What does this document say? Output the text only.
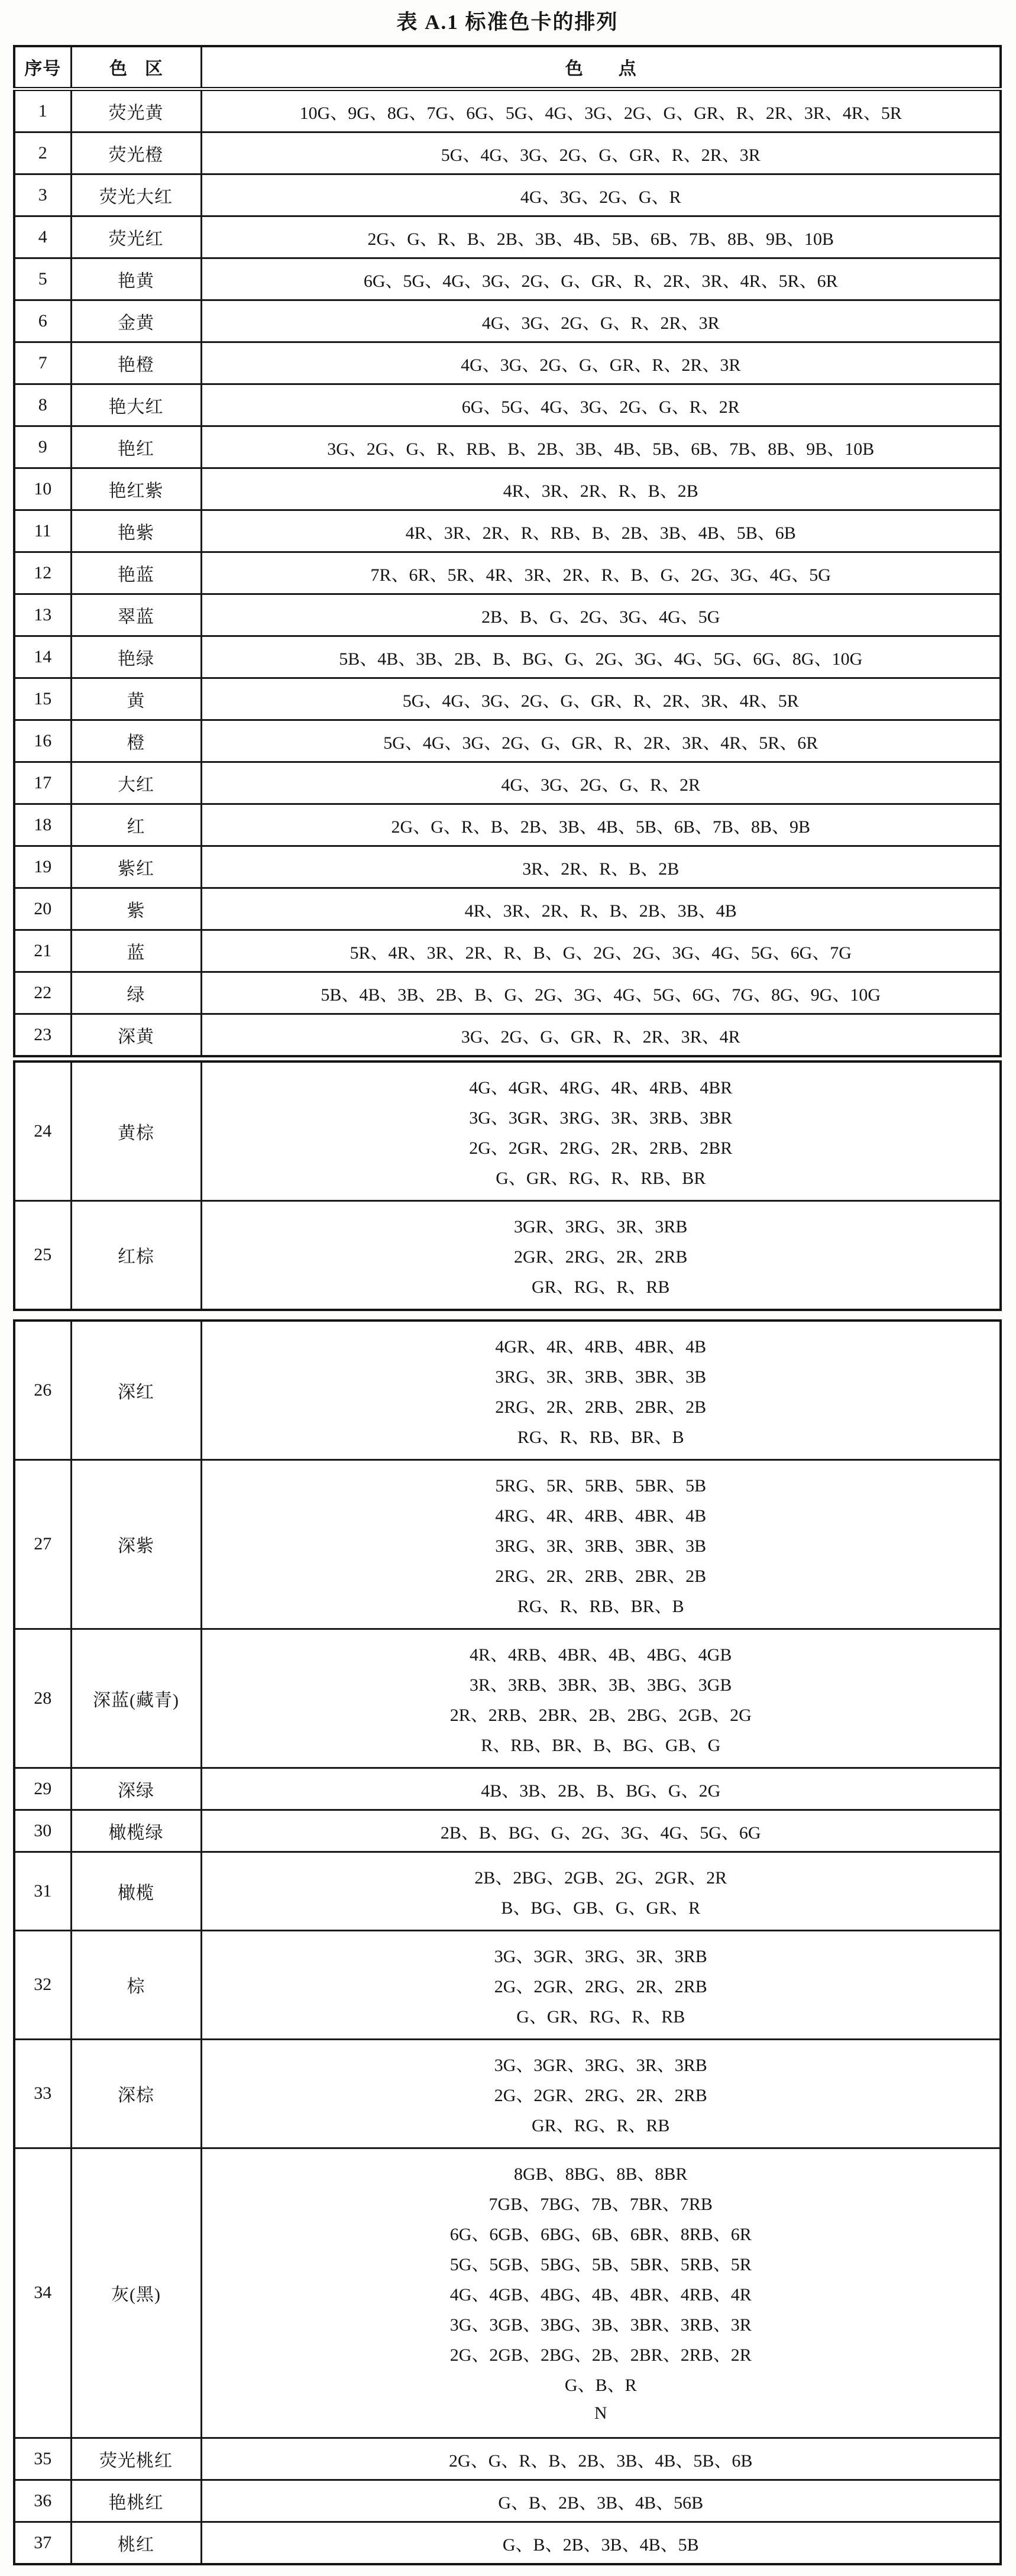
表 A.1 标准色卡的排列
序号	色　区	色　　点
1	荧光黄	10G、9G、8G、7G、6G、5G、4G、3G、2G、G、GR、R、2R、3R、4R、5R

2	荧光橙	5G、4G、3G、2G、G、GR、R、2R、3R

3	荧光大红	4G、3G、2G、G、R

4	荧光红	2G、G、R、B、2B、3B、4B、5B、6B、7B、8B、9B、10B

5	艳黄	6G、5G、4G、3G、2G、G、GR、R、2R、3R、4R、5R、6R

6	金黄	4G、3G、2G、G、R、2R、3R

7	艳橙	4G、3G、2G、G、GR、R、2R、3R

8	艳大红	6G、5G、4G、3G、2G、G、R、2R

9	艳红	3G、2G、G、R、RB、B、2B、3B、4B、5B、6B、7B、8B、9B、10B

10	艳红紫	4R、3R、2R、R、B、2B

11	艳紫	4R、3R、2R、R、RB、B、2B、3B、4B、5B、6B

12	艳蓝	7R、6R、5R、4R、3R、2R、R、B、G、2G、3G、4G、5G

13	翠蓝	2B、B、G、2G、3G、4G、5G

14	艳绿	5B、4B、3B、2B、B、BG、G、2G、3G、4G、5G、6G、8G、10G

15	黄	5G、4G、3G、2G、G、GR、R、2R、3R、4R、5R

16	橙	5G、4G、3G、2G、G、GR、R、2R、3R、4R、5R、6R

17	大红	4G、3G、2G、G、R、2R

18	红	2G、G、R、B、2B、3B、4B、5B、6B、7B、8B、9B

19	紫红	3R、2R、R、B、2B

20	紫	4R、3R、2R、R、B、2B、3B、4B

21	蓝	5R、4R、3R、2R、R、B、G、2G、2G、3G、4G、5G、6G、7G

22	绿	5B、4B、3B、2B、B、G、2G、3G、4G、5G、6G、7G、8G、9G、10G

23	深黄	3G、2G、G、GR、R、2R、3R、4R
24	黄棕	4G、4GR、4RG、4R、4RB、4BR
3G、3GR、3RG、3R、3RB、3BR
2G、2GR、2RG、2R、2RB、2BR
G、GR、RG、R、RB、BR

25	红棕	3GR、3RG、3R、3RB
2GR、2RG、2R、2RB
GR、RG、R、RB
26	深红	4GR、4R、4RB、4BR、4B
3RG、3R、3RB、3BR、3B
2RG、2R、2RB、2BR、2B
RG、R、RB、BR、B

27	深紫	5RG、5R、5RB、5BR、5B
4RG、4R、4RB、4BR、4B
3RG、3R、3RB、3BR、3B
2RG、2R、2RB、2BR、2B
RG、R、RB、BR、B

28	深蓝(藏青)	4R、4RB、4BR、4B、4BG、4GB
3R、3RB、3BR、3B、3BG、3GB
2R、2RB、2BR、2B、2BG、2GB、2G
R、RB、BR、B、BG、GB、G

29	深绿	4B、3B、2B、B、BG、G、2G

30	橄榄绿	2B、B、BG、G、2G、3G、4G、5G、6G

31	橄榄	2B、2BG、2GB、2G、2GR、2R
B、BG、GB、G、GR、R

32	棕	3G、3GR、3RG、3R、3RB
2G、2GR、2RG、2R、2RB
G、GR、RG、R、RB

33	深棕	3G、3GR、3RG、3R、3RB
2G、2GR、2RG、2R、2RB
GR、RG、R、RB

34	灰(黑)	
8GB、8BG、8B、8BR
7GB、7BG、7B、7BR、7RB
6G、6GB、6BG、6B、6BR、8RB、6R
5G、5GB、5BG、5B、5BR、5RB、5R
4G、4GB、4BG、4B、4BR、4RB、4R
3G、3GB、3BG、3B、3BR、3RB、3R
2G、2GB、2BG、2B、2BR、2RB、2R
G、B、R
N

35	荧光桃红	2G、G、R、B、2B、3B、4B、5B、6B

36	艳桃红	G、B、2B、3B、4B、56B

37	桃红	G、B、2B、3B、4B、5B
